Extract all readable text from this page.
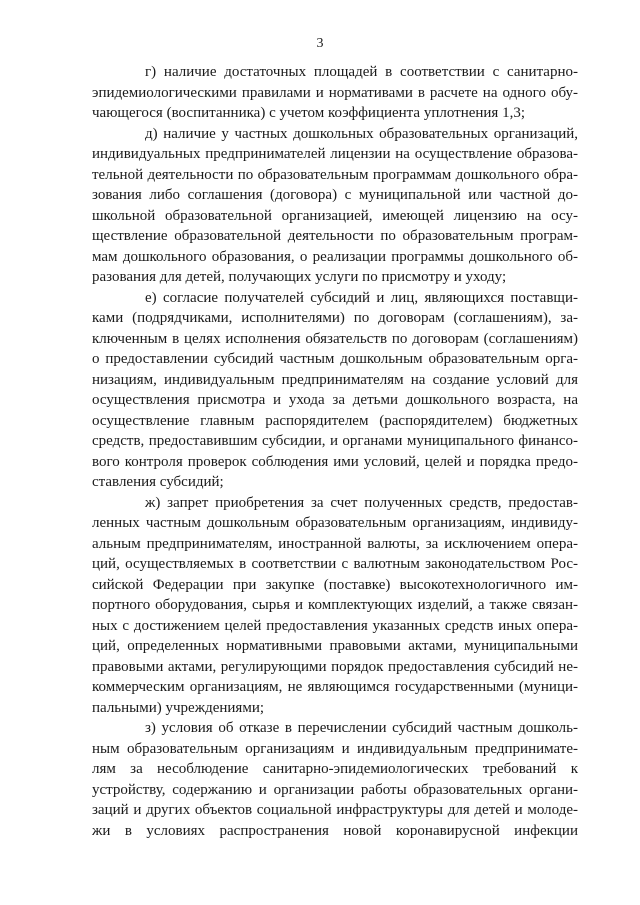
3
г) наличие достаточных площадей в соответствии с санитарно-
эпидемиологическими правилами и нормативами в расчете на одного обу-
чающегося (воспитанника) с учетом коэффициента уплотнения 1,3;
д) наличие у частных дошкольных образовательных организаций,
индивидуальных предпринимателей лицензии на осуществление образова-
тельной деятельности по образовательным программам дошкольного обра-
зования либо соглашения (договора) с муниципальной или частной до-
школьной образовательной организацией, имеющей лицензию на осу-
ществление образовательной деятельности по образовательным програм-
мам дошкольного образования, о реализации программы дошкольного об-
разования для детей, получающих услуги по присмотру и уходу;
е) согласие получателей субсидий и лиц, являющихся поставщи-
ками (подрядчиками, исполнителями) по договорам (соглашениям), за-
ключенным в целях исполнения обязательств по договорам (соглашениям)
о предоставлении субсидий частным дошкольным образовательным орга-
низациям, индивидуальным предпринимателям на создание условий для
осуществления присмотра и ухода за детьми дошкольного возраста, на
осуществление главным распорядителем (распорядителем) бюджетных
средств, предоставившим субсидии, и органами муниципального финансо-
вого контроля проверок соблюдения ими условий, целей и порядка предо-
ставления субсидий;
ж) запрет приобретения за счет полученных средств, предостав-
ленных частным дошкольным образовательным организациям, индивиду-
альным предпринимателям, иностранной валюты, за исключением опера-
ций, осуществляемых в соответствии с валютным законодательством Рос-
сийской Федерации при закупке (поставке) высокотехнологичного им-
портного оборудования, сырья и комплектующих изделий, а также связан-
ных с достижением целей предоставления указанных средств иных опера-
ций, определенных нормативными правовыми актами, муниципальными
правовыми актами, регулирующими порядок предоставления субсидий не-
коммерческим организациям, не являющимся государственными (муници-
пальными) учреждениями;
з) условия об отказе в перечислении субсидий частным дошколь-
ным образовательным организациям и индивидуальным предпринимате-
лям за несоблюдение санитарно-эпидемиологических требований к
устройству, содержанию и организации работы образовательных органи-
заций и других объектов социальной инфраструктуры для детей и молоде-
жи в условиях распространения новой коронавирусной инфекции
